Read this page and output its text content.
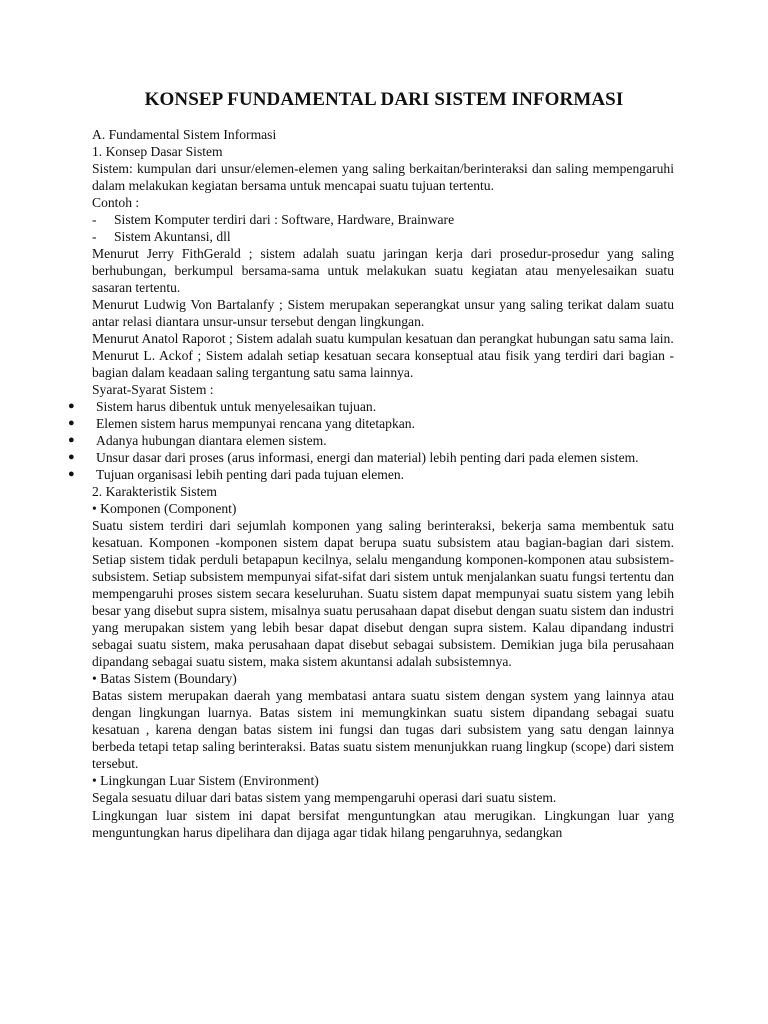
KONSEP FUNDAMENTAL DARI SISTEM INFORMASI

A. Fundamental Sistem Informasi

1. Konsep Dasar Sistem

Sistem: kumpulan dari unsur/elemen-elemen yang saling berkaitan/berinteraksi dan saling mempengaruhi dalam melakukan kegiatan bersama untuk mencapai suatu tujuan tertentu.

Contoh :

- Sistem Komputer terdiri dari : Software, Hardware, Brainware

- Sistem Akuntansi, dll

Menurut Jerry FithGerald ; sistem adalah suatu jaringan kerja dari prosedur-prosedur yang saling berhubungan, berkumpul bersama-sama untuk melakukan suatu kegiatan atau menyelesaikan suatu sasaran tertentu.

Menurut Ludwig Von Bartalanfy ; Sistem merupakan seperangkat unsur yang saling terikat dalam suatu antar relasi diantara unsur-unsur tersebut dengan lingkungan.

Menurut Anatol Raporot ; Sistem adalah suatu kumpulan kesatuan dan perangkat hubungan satu sama lain.

Menurut L. Ackof ; Sistem adalah setiap kesatuan secara konseptual atau fisik yang terdiri dari bagian -bagian dalam keadaan saling tergantung satu sama lainnya.

Syarat-Syarat Sistem :

● Sistem harus dibentuk untuk menyelesaikan tujuan.

● Elemen sistem harus mempunyai rencana yang ditetapkan.

● Adanya hubungan diantara elemen sistem.

● Unsur dasar dari proses (arus informasi, energi dan material) lebih penting dari pada elemen sistem.

● Tujuan organisasi lebih penting dari pada tujuan elemen.

2. Karakteristik Sistem

• Komponen (Component)

Suatu sistem terdiri dari sejumlah komponen yang saling berinteraksi, bekerja sama membentuk satu kesatuan. Komponen -komponen sistem dapat berupa suatu subsistem atau bagian-bagian dari sistem. Setiap sistem tidak perduli betapapun kecilnya, selalu mengandung komponen-komponen atau subsistem-subsistem. Setiap subsistem mempunyai sifat-sifat dari sistem untuk menjalankan suatu fungsi tertentu dan mempengaruhi proses sistem secara keseluruhan. Suatu sistem dapat mempunyai suatu sistem yang lebih besar yang disebut supra sistem, misalnya suatu perusahaan dapat disebut dengan suatu sistem dan industri yang merupakan sistem yang lebih besar dapat disebut dengan supra sistem. Kalau dipandang industri sebagai suatu sistem, maka perusahaan dapat disebut sebagai subsistem. Demikian juga bila perusahaan dipandang sebagai suatu sistem, maka sistem akuntansi adalah subsistemnya.

• Batas Sistem (Boundary)

Batas sistem merupakan daerah yang membatasi antara suatu sistem dengan system yang lainnya atau dengan lingkungan luarnya. Batas sistem ini memungkinkan suatu sistem dipandang sebagai suatu kesatuan , karena dengan batas sistem ini fungsi dan tugas dari subsistem yang satu dengan lainnya berbeda tetapi tetap saling berinteraksi. Batas suatu sistem menunjukkan ruang lingkup (scope) dari sistem tersebut.

• Lingkungan Luar Sistem (Environment)

Segala sesuatu diluar dari batas sistem yang mempengaruhi operasi dari suatu sistem.

Lingkungan luar sistem ini dapat bersifat menguntungkan atau merugikan. Lingkungan luar yang menguntungkan harus dipelihara dan dijaga agar tidak hilang pengaruhnya, sedangkan
